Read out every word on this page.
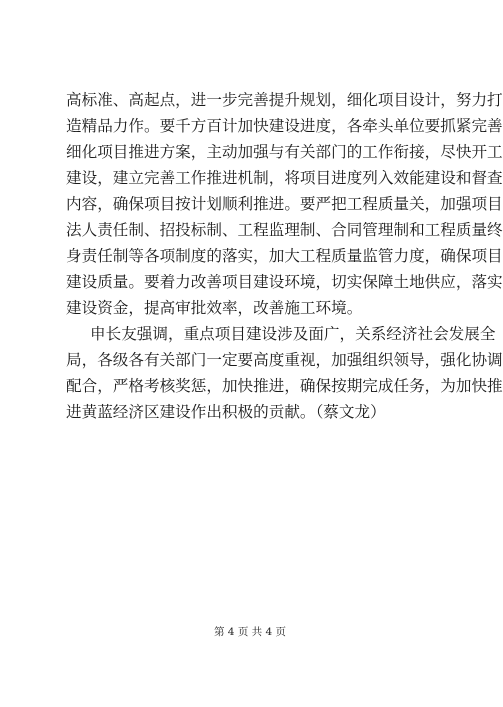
高标准、高起点，进一步完善提升规划，细化项目设计，努力打
造精品力作。要千方百计加快建设进度，各牵头单位要抓紧完善
细化项目推进方案，主动加强与有关部门的工作衔接，尽快开工
建设，建立完善工作推进机制，将项目进度列入效能建设和督查
内容，确保项目按计划顺利推进。要严把工程质量关，加强项目
法人责任制、招投标制、工程监理制、合同管理制和工程质量终
身责任制等各项制度的落实，加大工程质量监管力度，确保项目
建设质量。要着力改善项目建设环境，切实保障土地供应，落实
建设资金，提高审批效率，改善施工环境。
申长友强调，重点项目建设涉及面广，关系经济社会发展全
局，各级各有关部门一定要高度重视，加强组织领导，强化协调
配合，严格考核奖惩，加快推进，确保按期完成任务，为加快推
进黄蓝经济区建设作出积极的贡献。（蔡文龙）
第 4 页 共 4 页
